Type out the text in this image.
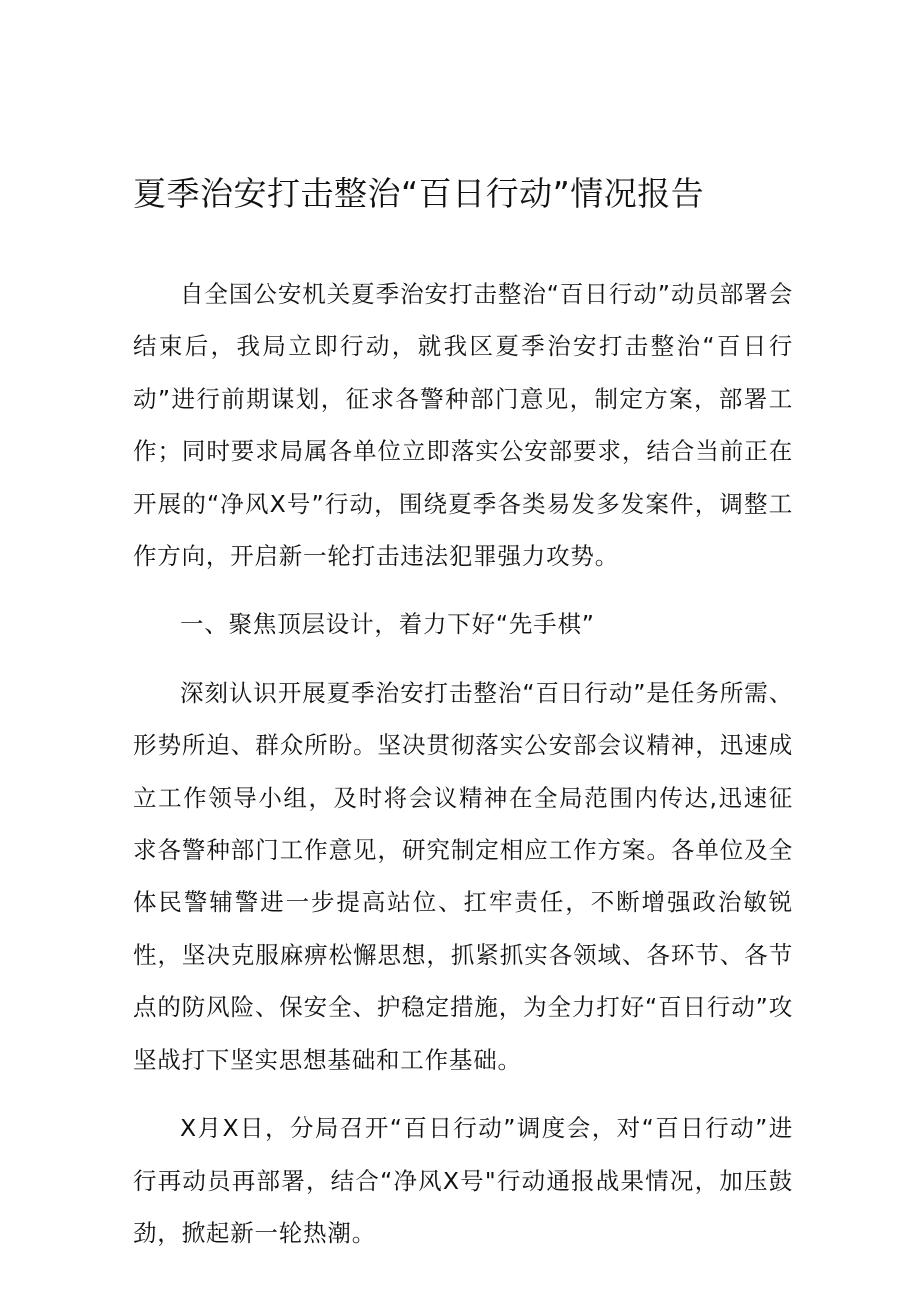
夏季治安打击整治“百日行动”情况报告

自全国公安机关夏季治安打击整治“百日行动”动员部署会结束后，我局立即行动，就我区夏季治安打击整治“百日行动”进行前期谋划，征求各警种部门意见，制定方案，部署工作；同时要求局属各单位立即落实公安部要求，结合当前正在开展的“净风X号”行动，围绕夏季各类易发多发案件，调整工作方向，开启新一轮打击违法犯罪强力攻势。

一、聚焦顶层设计，着力下好“先手棋”

深刻认识开展夏季治安打击整治“百日行动”是任务所需、形势所迫、群众所盼。坚决贯彻落实公安部会议精神，迅速成立工作领导小组，及时将会议精神在全局范围内传达,迅速征求各警种部门工作意见，研究制定相应工作方案。各单位及全体民警辅警进一步提高站位、扛牢责任，不断增强政治敏锐性，坚决克服麻痹松懈思想，抓紧抓实各领域、各环节、各节点的防风险、保安全、护稳定措施，为全力打好“百日行动”攻坚战打下坚实思想基础和工作基础。

X月X日，分局召开“百日行动”调度会，对“百日行动”进行再动员再部署，结合“净风X号"行动通报战果情况，加压鼓劲，掀起新一轮热潮。
